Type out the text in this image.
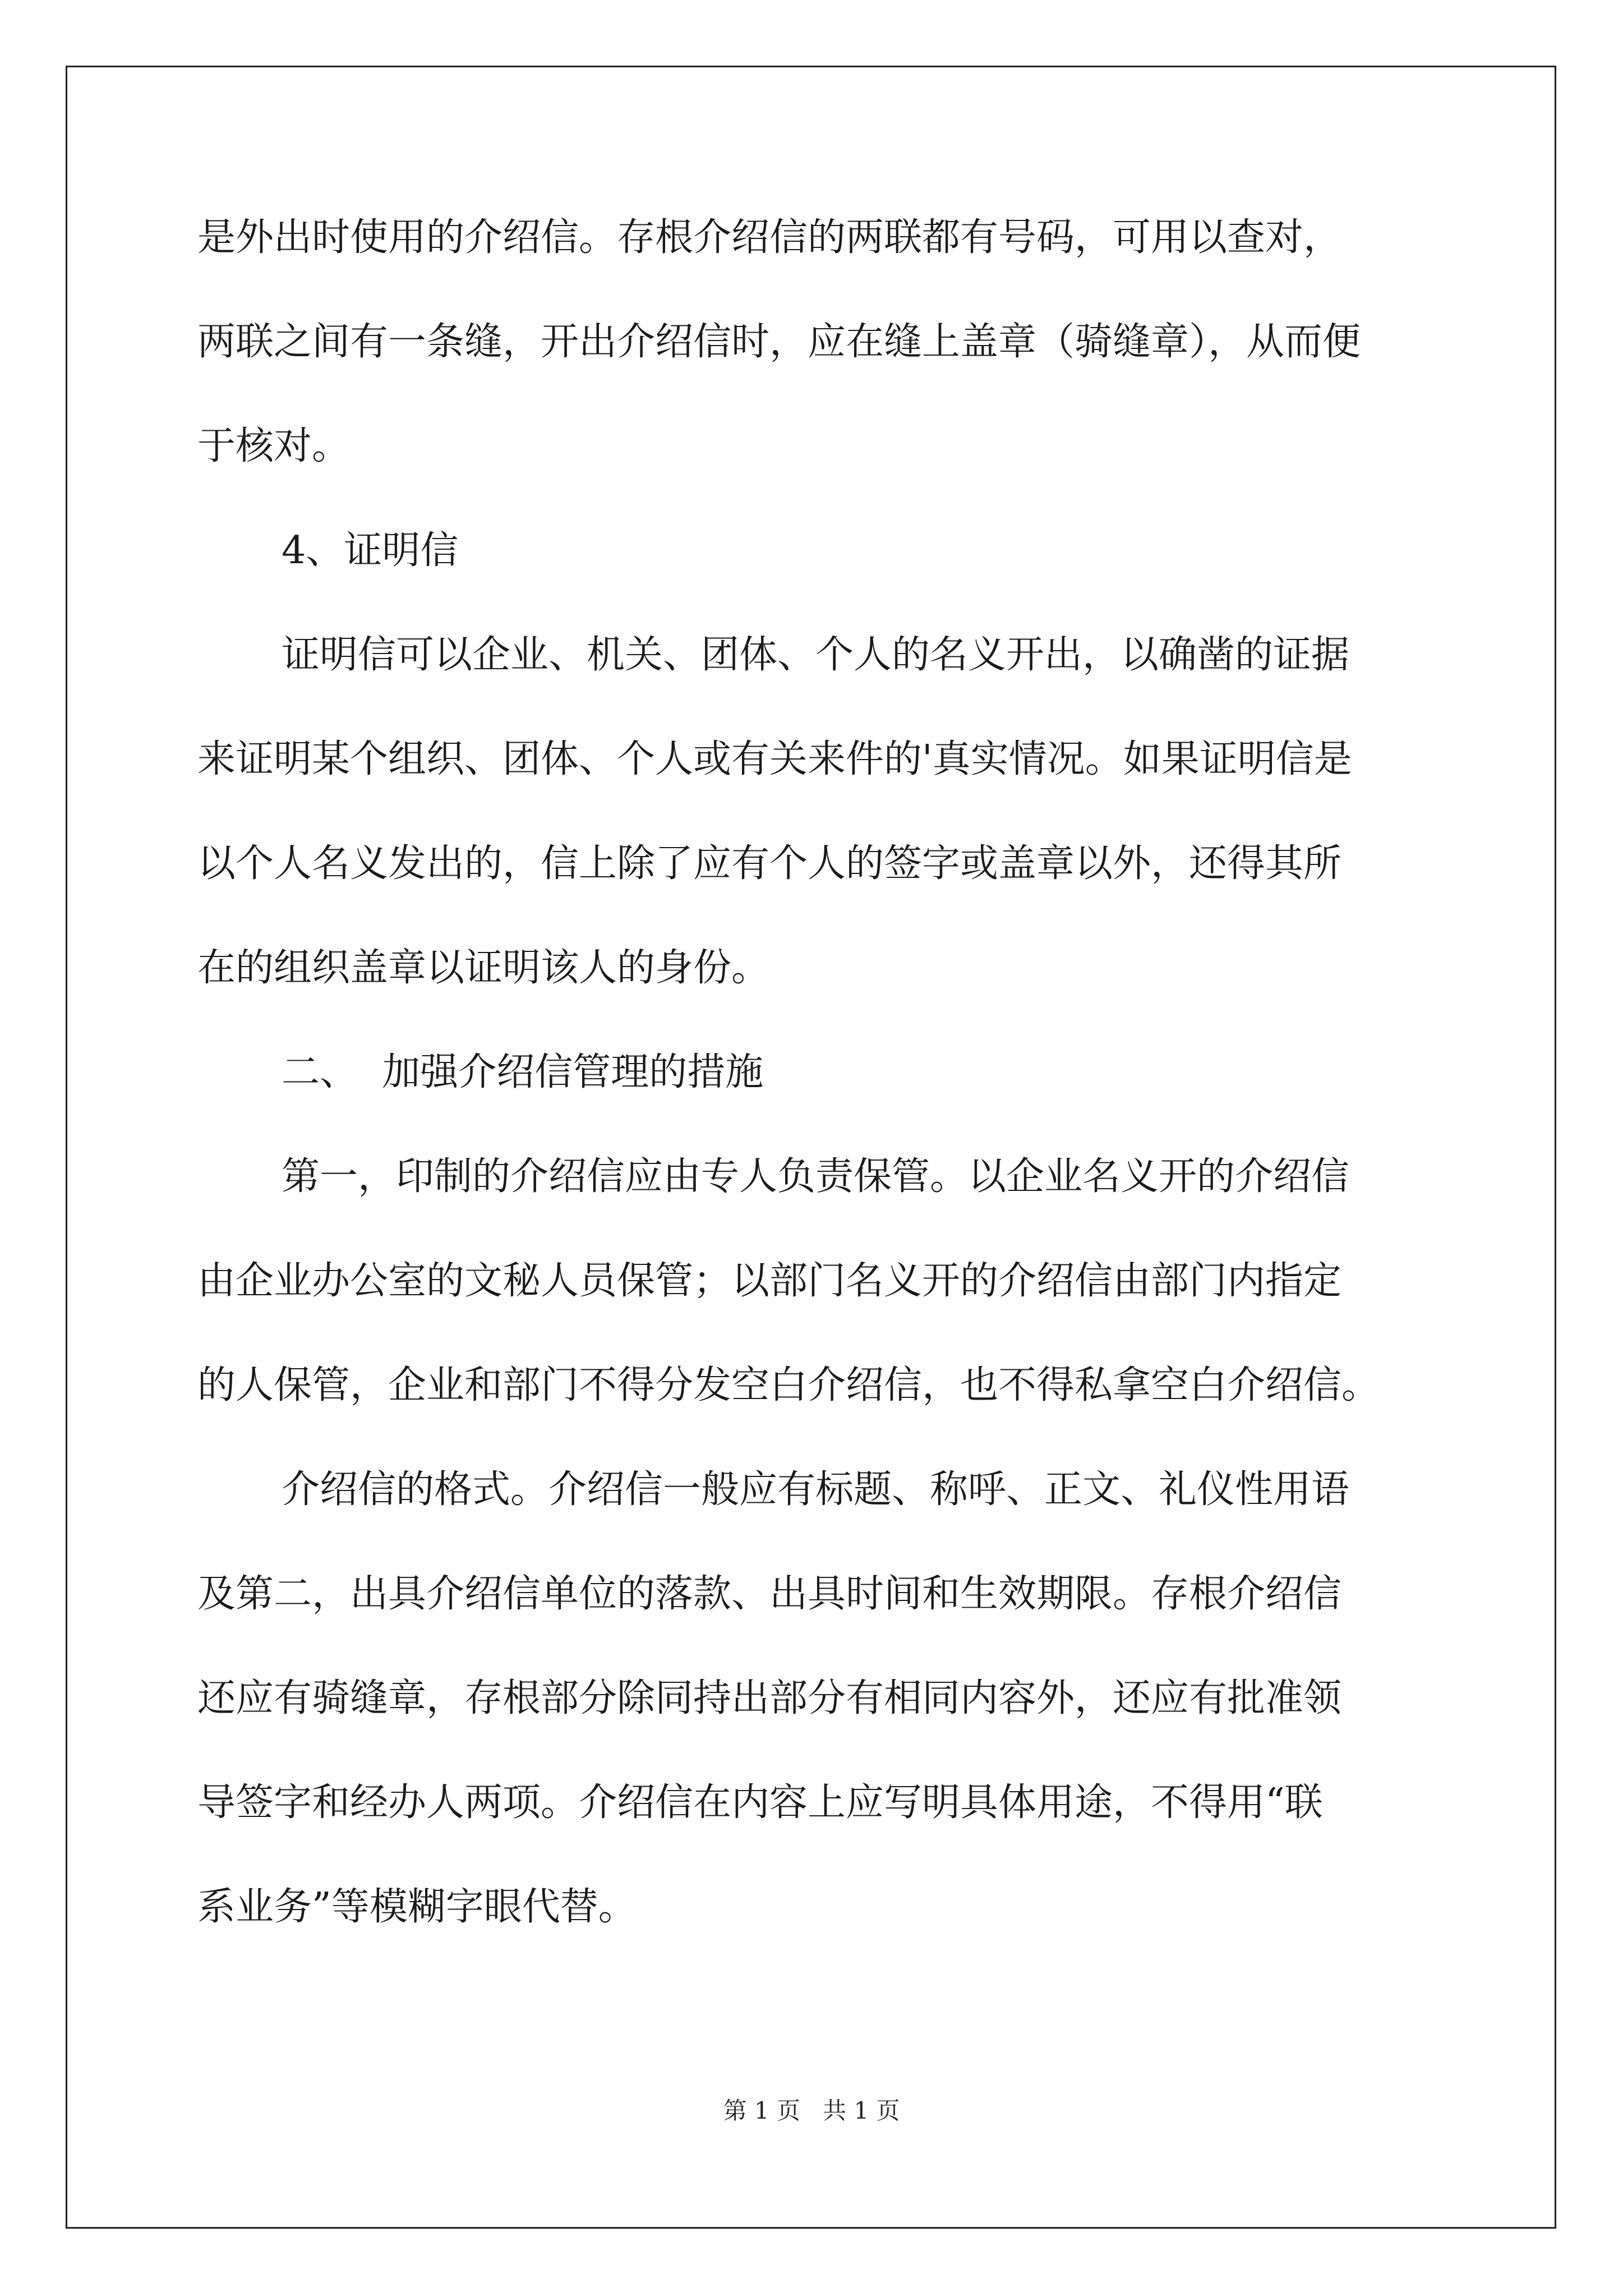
是外出时使用的介绍信。存根介绍信的两联都有号码，可用以查对，
两联之间有一条缝，开出介绍信时，应在缝上盖章（骑缝章），从而便
于核对。
4、证明信
证明信可以企业、机关、团体、个人的名义开出，以确凿的证据
来证明某个组织、团体、个人或有关来件的'真实情况。如果证明信是
以个人名义发出的，信上除了应有个人的签字或盖章以外，还得其所
在的组织盖章以证明该人的身份。
二、  加强介绍信管理的措施
第一，印制的介绍信应由专人负责保管。以企业名义开的介绍信
由企业办公室的文秘人员保管；以部门名义开的介绍信由部门内指定
的人保管，企业和部门不得分发空白介绍信，也不得私拿空白介绍信。
介绍信的格式。介绍信一般应有标题、称呼、正文、礼仪性用语
及第二，出具介绍信单位的落款、出具时间和生效期限。存根介绍信
还应有骑缝章，存根部分除同持出部分有相同内容外，还应有批准领
导签字和经办人两项。介绍信在内容上应写明具体用途，不得用“联
系业务”等模糊字眼代替。
第 1 页 共 1 页
